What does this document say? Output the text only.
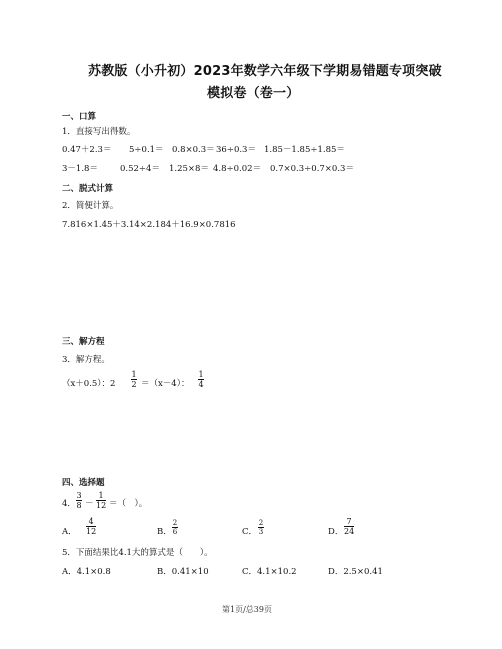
苏教版（小升初）2023年数学六年级下学期易错题专项突破
模拟卷（卷一）
一、口算
1．直接写出得数。
0.47＋2.3＝ 5÷0.1＝ 0.8×0.3＝ 36÷0.3＝ 1.85－1.85÷1.85＝
3－1.8＝	0.52÷4＝ 1.25×8＝ 4.8÷0.02＝ 0.7×0.3÷0.7×0.3＝
二、脱式计算
2．简便计算。
7.816×1.45＋3.14×2.184＋16.9×0.7816
三、解方程
3．解方程。
（x＋0.5）：2
1
2 ＝（x－4）：
1
4
四、选择题
4．
3
8 －
1
12 ＝（　）。
A．
4
12	B．
2
6	C．
2
3	D．
7
24
5．下面结果比4.1大的算式是（　　）。
A．4.1×0.8	B．0.41×10	C．4.1×10.2	D．2.5×0.41
第1页/总39页
